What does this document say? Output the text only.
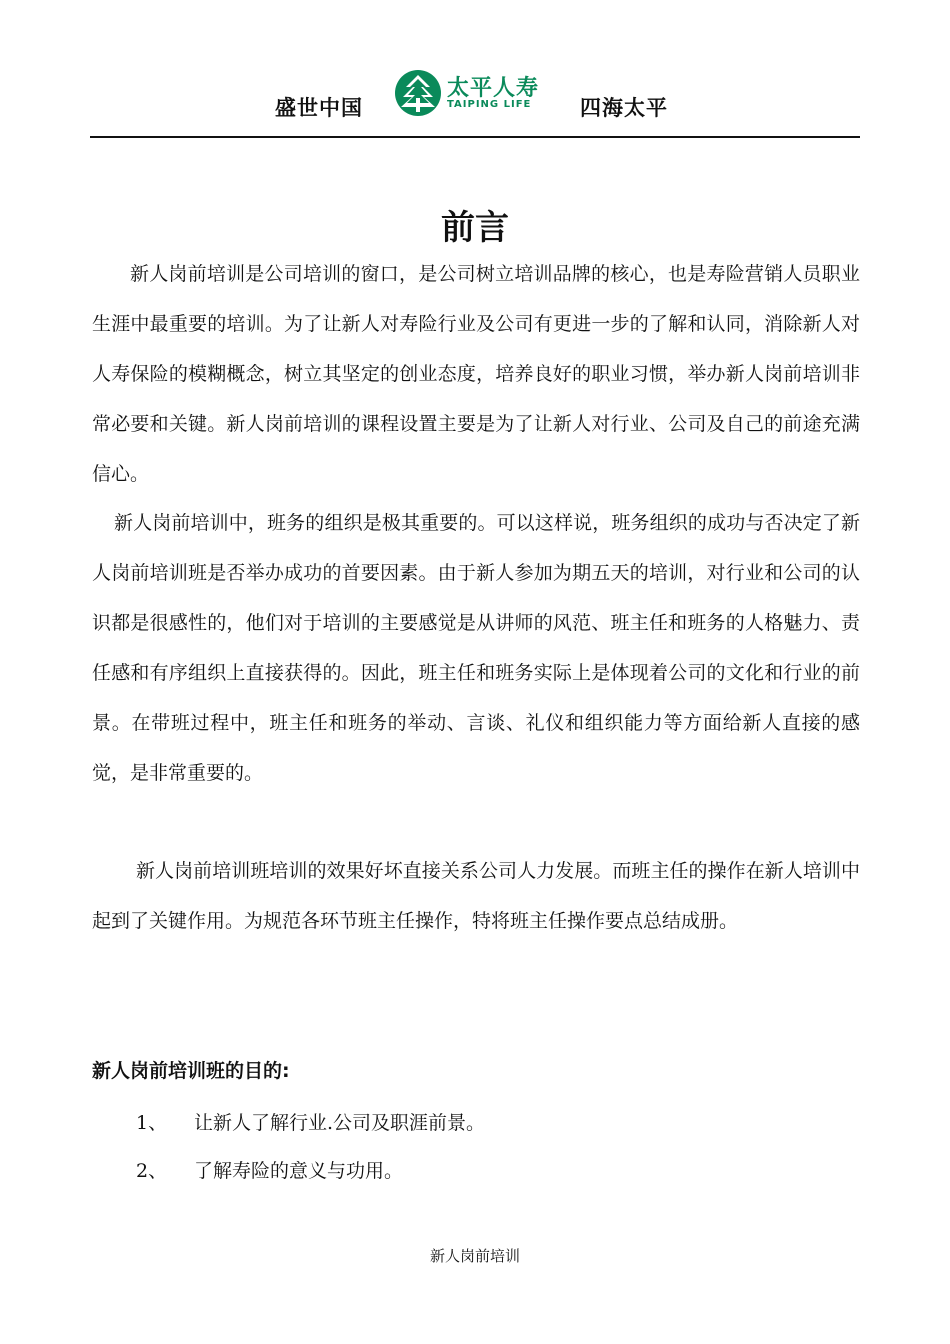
盛世中国
太平人寿
TAIPING LIFE 四海太平
前言

新人岗前培训是公司培训的窗口，是公司树立培训品牌的核心，也是寿险营销人员职业生涯中最重要的培训。为了让新人对寿险行业及公司有更进一步的了解和认同，消除新人对人寿保险的模糊概念，树立其坚定的创业态度，培养良好的职业习惯，举办新人岗前培训非常必要和关键。新人岗前培训的课程设置主要是为了让新人对行业、公司及自己的前途充满信心。

新人岗前培训中，班务的组织是极其重要的。可以这样说，班务组织的成功与否决定了新人岗前培训班是否举办成功的首要因素。由于新人参加为期五天的培训，对行业和公司的认识都是很感性的，他们对于培训的主要感觉是从讲师的风范、班主任和班务的人格魅力、责任感和有序组织上直接获得的。因此，班主任和班务实际上是体现着公司的文化和行业的前景。在带班过程中，班主任和班务的举动、言谈、礼仪和组织能力等方面给新人直接的感觉，是非常重要的。

新人岗前培训班培训的效果好坏直接关系公司人力发展。而班主任的操作在新人培训中起到了关键作用。为规范各环节班主任操作，特将班主任操作要点总结成册。

新人岗前培训班的目的:
1、 让新人了解行业.公司及职涯前景。
2、 了解寿险的意义与功用。
新人岗前培训
